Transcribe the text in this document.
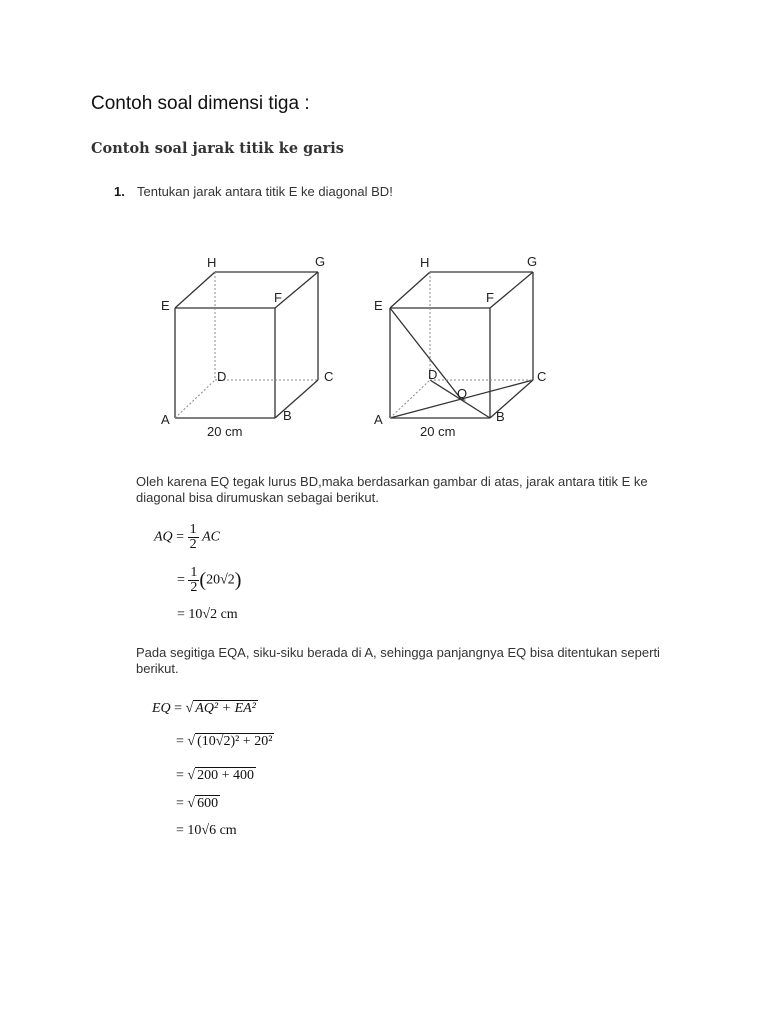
Contoh soal dimensi tiga :
Contoh soal jarak titik ke garis
1. Tentukan jarak antara titik E ke diagonal BD!
H	G
E
F
D	C
A	B
20 cm
H	G
E
F
D	C
A	B
Q
20 cm
Oleh karena EQ tegak lurus BD,maka berdasarkan gambar di atas, jarak antara titik E ke diagonal bisa dirumuskan sebagai berikut.
AQ = $\frac{1}{2}$ AC
= $\frac{1}{2} (20√2)$
= 10√2 cm
Pada segitiga EQA, siku-siku berada di A, sehingga panjangnya EQ bisa ditentukan seperti berikut.
EQ = √ AQ² + EA²
= √ (10√2)² + 20²
= √ 200 + 400
= √ 600
= 10√6 cm
